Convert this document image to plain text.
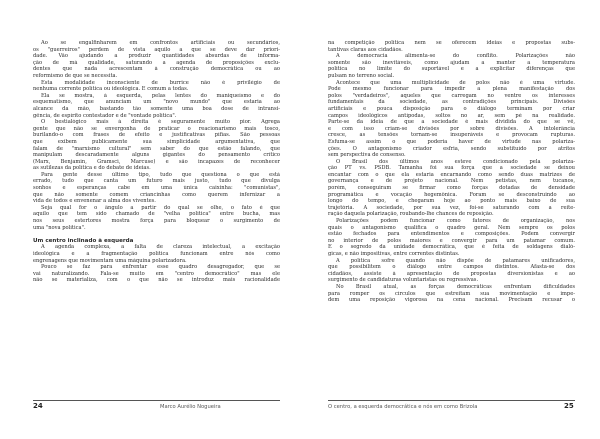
Ao se engalfinharem em confrontos artificiais ou secundários,
os "guerreiros" perdem de vista aquilo a que se deve dar priori-
dade. Vão ajudando a produzir quantidades absurdas de informa-
ção de má qualidade, saturando a agenda de proposições exclu-
dentes que nada acrescentam à construção democrática ou ao
reformismo de que se necessita.
Esta modalidade inconsciente de burrice não é privilégio de
nenhuma corrente política ou ideológica. É comum a todas.
Ela se mostra, à esquerda, pelas lentes do maniqueísmo e do
esquematismo, que anunciam um "novo mundo" que estaria ao
alcance da mão, bastando tão somente uma boa dose de intransi-
gência, de espírito contestador e de "vontade política".
O bestialógico mais à direita é seguramente muito pior. Agrega
gente que não se envergonha de praticar o reacionarismo mais tosco,
burilando-o com frases de efeito e justificativas pífias. São pessoas
que exibem publicamente sua simplicidade argumentativa, que
falam de "marxismo cultural" sem saber do que estão falando, que
manipulam descaradamente alguns gigantes do pensamento crítico
(Marx, Benjamin, Gramsci, Marcuse) e são incapazes de reconhecer
as sutilezas da política e do debate de ideias.
Para gente desse último tipo, tudo que questiona o que está
errado, tudo que canta um futuro mais justo, tudo que divulga
sonhos e esperanças cabe em uma única caixinha: "comunistas",
que não somente comem criancinhas como querem infernizar a
vida de todos e envenenar a alma dos viventes.
Seja qual for o ângulo a partir do qual se olhe, o fato é que
aquilo que tem sido chamado de "velha política" entre bucha, mas
nos seus estertores mostra força para bloquear o surgimento de
uma "nova política".
Um centro inclinado à esquerda
A agenda complexa, a falta de clareza intelectual, a excitação
ideológica e a fragmentação política funcionam entre nós como
engrenagens que movimentam uma máquina polarizadora.
Pouco se faz para enfrentar esse quadro desagregador, que se
vai naturalizando. Fala-se muito em "centro democrático" mas ele
não se materializa, com o que não se introduz mais racionalidade
na competição política nem se oferecem ideias e propostas subs-
tantivas claras aos cidadãos.
A democracia alimenta-se do conflito. Polarizações não
somente são inevitáveis, como ajudam a manter a temperatura
política no limite do suportável e a explicitar diferenças que
pulsam no terreno social.
Acontece que uma multiplicidade de polos não é uma virtude.
Pode mesmo funcionar para impedir a plena manifestação dos
polos "verdadeiros", aqueles que carregam no ventre os interesses
fundamentais da sociedade, as contradições principais. Divisões
artificiais e pouca disposição para o diálogo terminam por criar
campos ideológicos antípodas, soltos no ar, sem pé na realidade.
Parte-se da ideia de que a sociedade é mais dividida do que se vê,
e com isso criam-se divisões por sobre divisões. A intolerância
cresce, as tensões tornam-se insuperáveis e provocam rupturas.
Esfuma-se assim o que poderia haver de virtude nas polariza-
ções. O antagonismo criador esfria, sendo substituído por atritos
sem perspectiva de consenso.
O Brasil dos últimos anos esteve condicionado pela polariza-
ção PT vs. PSDB. Tamanha foi sua força que a sociedade se deixou
encantar com o que ela estaria encarnando como sendo duas matrizes de
governança e de projeto nacional. Nem petistas, nem tucanos,
porém, conseguiram se firmar como forças dotadas de densidade
programática e vocação hegemônica. Foram se desconstruindo ao
longo do tempo, e chegaram hoje ao ponto mais baixo de sua
trajetória. A sociedade, por sua vez, foi-se saturando com a reite-
ração daquela polarização, roubando-lhe chances de reposição.
Polarizações podem funcionar como fatores de organização, nos
quais o antagonismo qualifica o quadro geral. Nem sempre os polos
estão fechados para entendimentos e composições. Podem convergir
no interior de polos maiores e convergir para um patamar comum.
É o segredo da unidade democrática, que é feita de soldagens dialó-
gicas, e não impositivas, entre correntes distintas.
A política sofre quando não dispõe de patamares unificadores,
que possibilitem o diálogo entre campos distintos. Afasta-se dos
cidadãos, assiste à apresentação de propostas diversionistas e ao
surgimento de candidaturas voluntaristas ou regressivas.
No Brasil atual, as forças democráticas enfrentam dificuldades
para romper os círculos que estreitam sua movimentação e impe-
dem uma reposição vigorosa na cena nacional. Precisam recusar o
24	Marco Aurélio Nogueira	O centro, a esquerda democrática e nós em como Brizola	25
